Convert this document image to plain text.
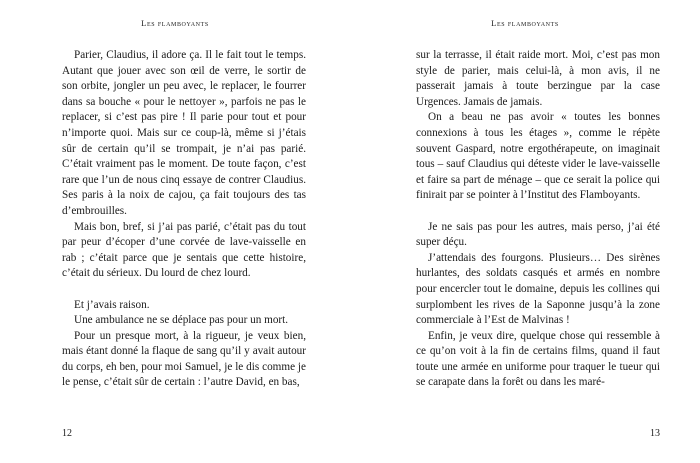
Les flamboyants

Parier, Claudius, il adore ça. Il le fait tout le temps. Autant que jouer avec son œil de verre, le sortir de son orbite, jongler un peu avec, le replacer, le fourrer dans sa bouche « pour le nettoyer », parfois ne pas le replacer, si c’est pas pire ! Il parie pour tout et pour n’importe quoi. Mais sur ce coup-là, même si j’étais sûr de certain qu’il se trompait, je n’ai pas parié. C’était vraiment pas le moment. De toute façon, c’est rare que l’un de nous cinq essaye de contrer Claudius. Ses paris à la noix de cajou, ça fait toujours des tas d’embrouilles.

Mais bon, bref, si j’ai pas parié, c’était pas du tout par peur d’écoper d’une corvée de lave-vaisselle en rab ; c’était parce que je sentais que cette histoire, c’était du sérieux. Du lourd de chez lourd.

Et j’avais raison.

Une ambulance ne se déplace pas pour un mort.

Pour un presque mort, à la rigueur, je veux bien, mais étant donné la flaque de sang qu’il y avait autour du corps, eh ben, pour moi Samuel, je le dis comme je le pense, c’était sûr de certain : l’autre David, en bas,

12
Les flamboyants

sur la terrasse, il était raide mort. Moi, c’est pas mon style de parier, mais celui-là, à mon avis, il ne passerait jamais à toute berzingue par la case Urgences. Jamais de jamais.

On a beau ne pas avoir « toutes les bonnes connexions à tous les étages », comme le répète souvent Gaspard, notre ergothérapeute, on imaginait tous – sauf Claudius qui déteste vider le lave-vaisselle et faire sa part de ménage – que ce serait la police qui finirait par se pointer à l’Institut des Flamboyants.

Je ne sais pas pour les autres, mais perso, j’ai été super déçu.

J’attendais des fourgons. Plusieurs… Des sirènes hurlantes, des soldats casqués et armés en nombre pour encercler tout le domaine, depuis les collines qui surplombent les rives de la Saponne jusqu’à la zone commerciale à l’Est de Malvinas !

Enfin, je veux dire, quelque chose qui ressemble à ce qu’on voit à la fin de certains films, quand il faut toute une armée en uniforme pour traquer le tueur qui se carapate dans la forêt ou dans les maré-

13
